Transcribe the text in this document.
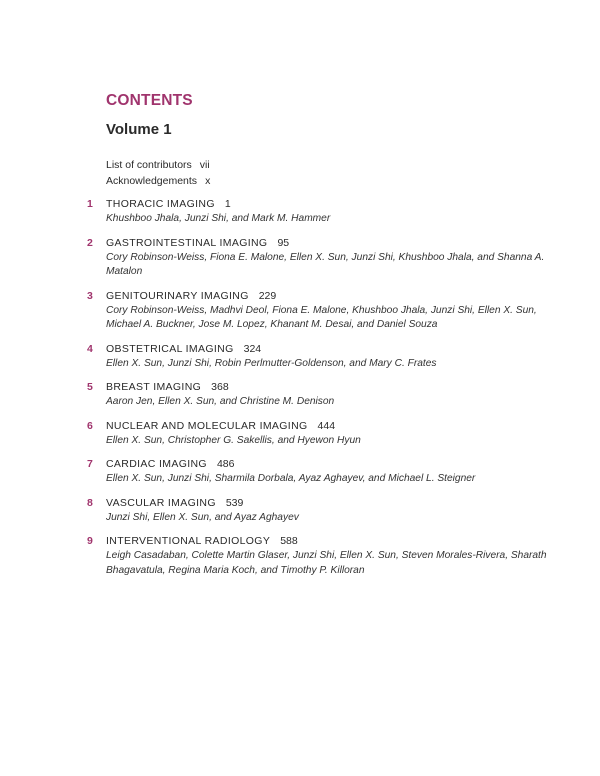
CONTENTS
Volume 1
List of contributors vii
Acknowledgements x
1 THORACIC IMAGING 1
Khushboo Jhala, Junzi Shi, and Mark M. Hammer
2 GASTROINTESTINAL IMAGING 95
Cory Robinson-Weiss, Fiona E. Malone, Ellen X. Sun, Junzi Shi, Khushboo Jhala, and Shanna A. Matalon
3 GENITOURINARY IMAGING 229
Cory Robinson-Weiss, Madhvi Deol, Fiona E. Malone, Khushboo Jhala, Junzi Shi, Ellen X. Sun, Michael A. Buckner, Jose M. Lopez, Khanant M. Desai, and Daniel Souza
4 OBSTETRICAL IMAGING 324
Ellen X. Sun, Junzi Shi, Robin Perlmutter-Goldenson, and Mary C. Frates
5 BREAST IMAGING 368
Aaron Jen, Ellen X. Sun, and Christine M. Denison
6 NUCLEAR AND MOLECULAR IMAGING 444
Ellen X. Sun, Christopher G. Sakellis, and Hyewon Hyun
7 CARDIAC IMAGING 486
Ellen X. Sun, Junzi Shi, Sharmila Dorbala, Ayaz Aghayev, and Michael L. Steigner
8 VASCULAR IMAGING 539
Junzi Shi, Ellen X. Sun, and Ayaz Aghayev
9 INTERVENTIONAL RADIOLOGY 588
Leigh Casadaban, Colette Martin Glaser, Junzi Shi, Ellen X. Sun, Steven Morales-Rivera, Sharath Bhagavatula, Regina Maria Koch, and Timothy P. Killoran
